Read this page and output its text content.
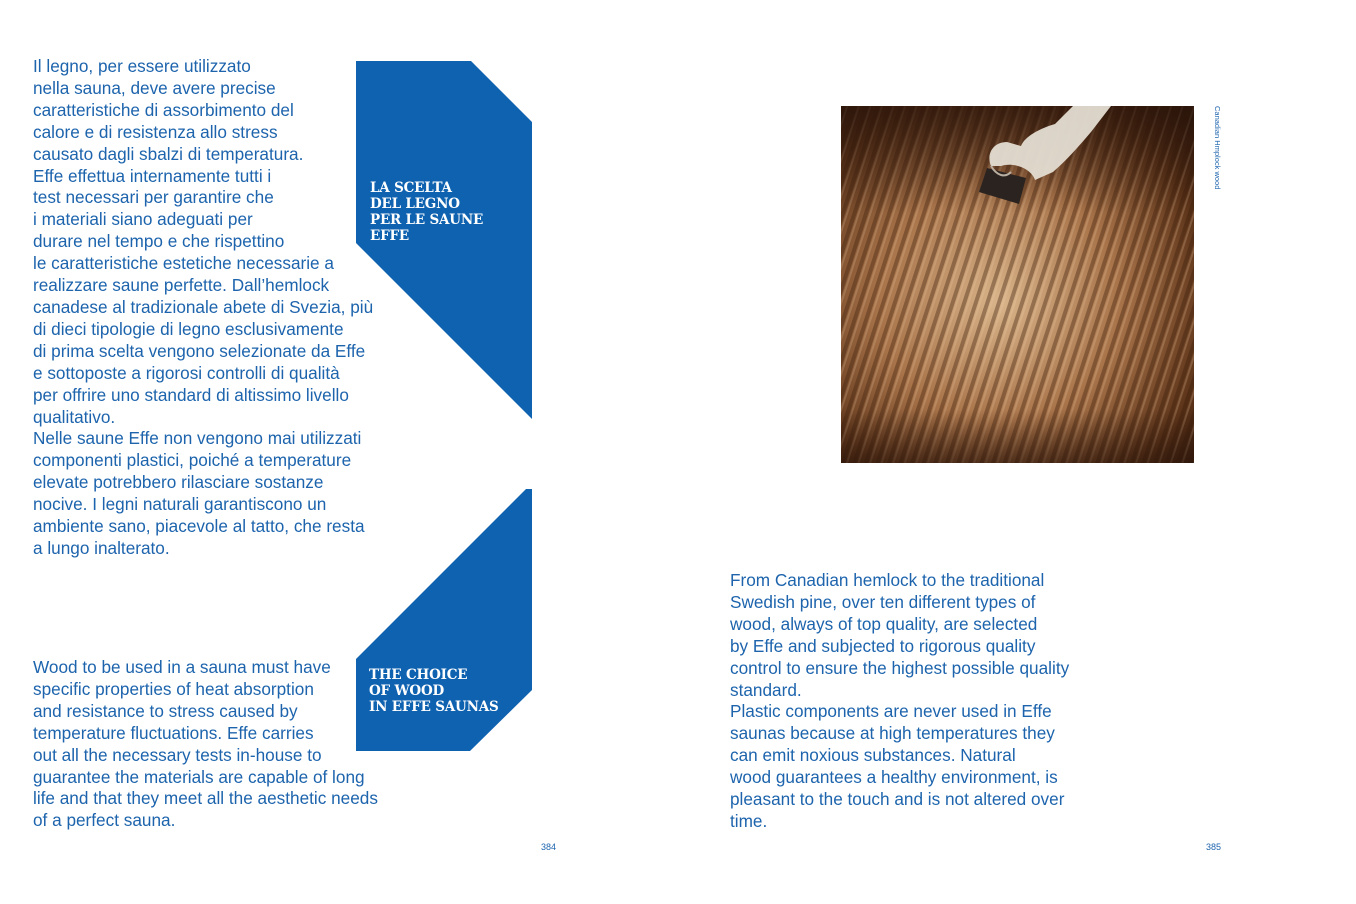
Il legno, per essere utilizzato
nella sauna, deve avere precise
caratteristiche di assorbimento del
calore e di resistenza allo stress
causato dagli sbalzi di temperatura.
Effe effettua internamente tutti i
test necessari per garantire che
i materiali siano adeguati per
durare nel tempo e che rispettino
le caratteristiche estetiche necessarie a
realizzare saune perfette. Dall’hemlock
canadese al tradizionale abete di Svezia, più
di dieci tipologie di legno esclusivamente
di prima scelta vengono selezionate da Effe
e sottoposte a rigorosi controlli di qualità
per offrire uno standard di altissimo livello
qualitativo.
Nelle saune Effe non vengono mai utilizzati
componenti plastici, poiché a temperature
elevate potrebbero rilasciare sostanze
nocive. I legni naturali garantiscono un
ambiente sano, piacevole al tatto, che resta
a lungo inalterato.

LA SCELTA
DEL LEGNO
PER LE SAUNE
EFFE

THE CHOICE
OF WOOD
IN EFFE SAUNAS

Wood to be used in a sauna must have
specific properties of heat absorption
and resistance to stress caused by
temperature fluctuations. Effe carries
out all the necessary tests in-house to
guarantee the materials are capable of long
life and that they meet all the aesthetic needs
of a perfect sauna.

384
Canadian Hmplock wood

From Canadian hemlock to the traditional
Swedish pine, over ten different types of
wood, always of top quality, are selected
by Effe and subjected to rigorous quality
control to ensure the highest possible quality
standard.
Plastic components are never used in Effe
saunas because at high temperatures they
can emit noxious substances. Natural
wood guarantees a healthy environment, is
pleasant to the touch and is not altered over
time.

385
